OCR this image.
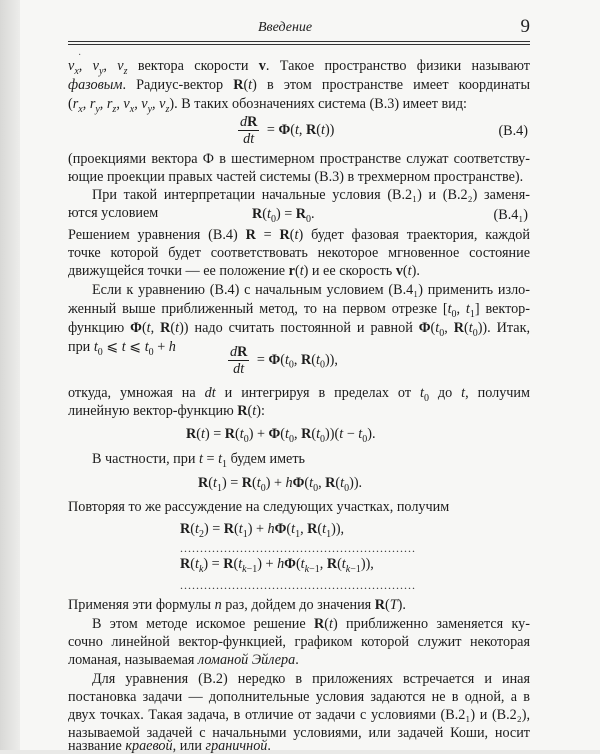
Введение	9
·
$v_x$, $v_y$, $v_z$ вектора скорости v. Такое пространство физики называют
фазовым. Радиус-вектор R(t) в этом пространстве имеет координаты
($r_x$, $r_y$, $r_z$, $v_x$, $v_y$, $v_z$). В таких обозначениях система (В.3) имеет вид:
$\frac{dR}{dt} = \Phi(t$, R(t))	(В.4)
(проекциями вектора Ф в шестимерном пространстве служат соответству-
ющие проекции правых частей системы (В.3) в трехмерном пространстве).
При такой интерпретации начальные условия (В.2₁) и (В.2₂) заменя-
ются условием	$R(t_0) = R_0$.	(В.4₁)
Решением уравнения (В.4) R = R(t) будет фазовая траектория, каждой
точке которой будет соответствовать некоторое мгновенное состояние
движущейся точки — ее положение r(t) и ее скорость v(t).
Если к уравнению (В.4) с начальным условием (В.4₁) применить изло-
женный выше приближенный метод, то на первом отрезке [$t_0$, $t_1$] вектор-
функцию Φ(t, R(t)) надо считать постоянной и равной $\Phi(t_0$, $R(t_0)$). Итак,
при $t_0$ ⩽ t ⩽ $t_0 + h$	$\frac{dR}{dt} = \Phi(t_0$, $R(t_0)$),
откуда, умножая на dt и интегрируя в пределах от $t_0$ до t, получим
линейную вектор-функцию R(t):
$R(t) = R(t_0) + \Phi(t_0$, $R(t_0))(t - t_0)$.
В частности, при $t = t_1$ будем иметь
$R(t_1) = R(t_0) + h\Phi(t_0$, $R(t_0)$).
Повторяя то же рассуждение на следующих участках, получим
$R(t_2) = R(t_1) + h\Phi(t_1$, $R(t_1)$),
...........................................................
$R(t_k) = R(t_{k-1}) + h\Phi(t_{k-1}$, $R(t_{k-1})$),
...........................................................
Применяя эти формулы n раз, дойдем до значения R(T).
В этом методе искомое решение R(t) приближенно заменяется ку-
сочно линейной вектор-функцией, графиком которой служит некоторая
ломаная, называемая ломаной Эйлера.
Для уравнения (В.2) нередко в приложениях встречается и иная
постановка задачи — дополнительные условия задаются не в одной, а в
двух точках. Такая задача, в отличие от задачи с условиями (В.2₁) и (В.2₂),
называемой задачей с начальными условиями, или задачей Коши, носит
название краевой, или граничной.
